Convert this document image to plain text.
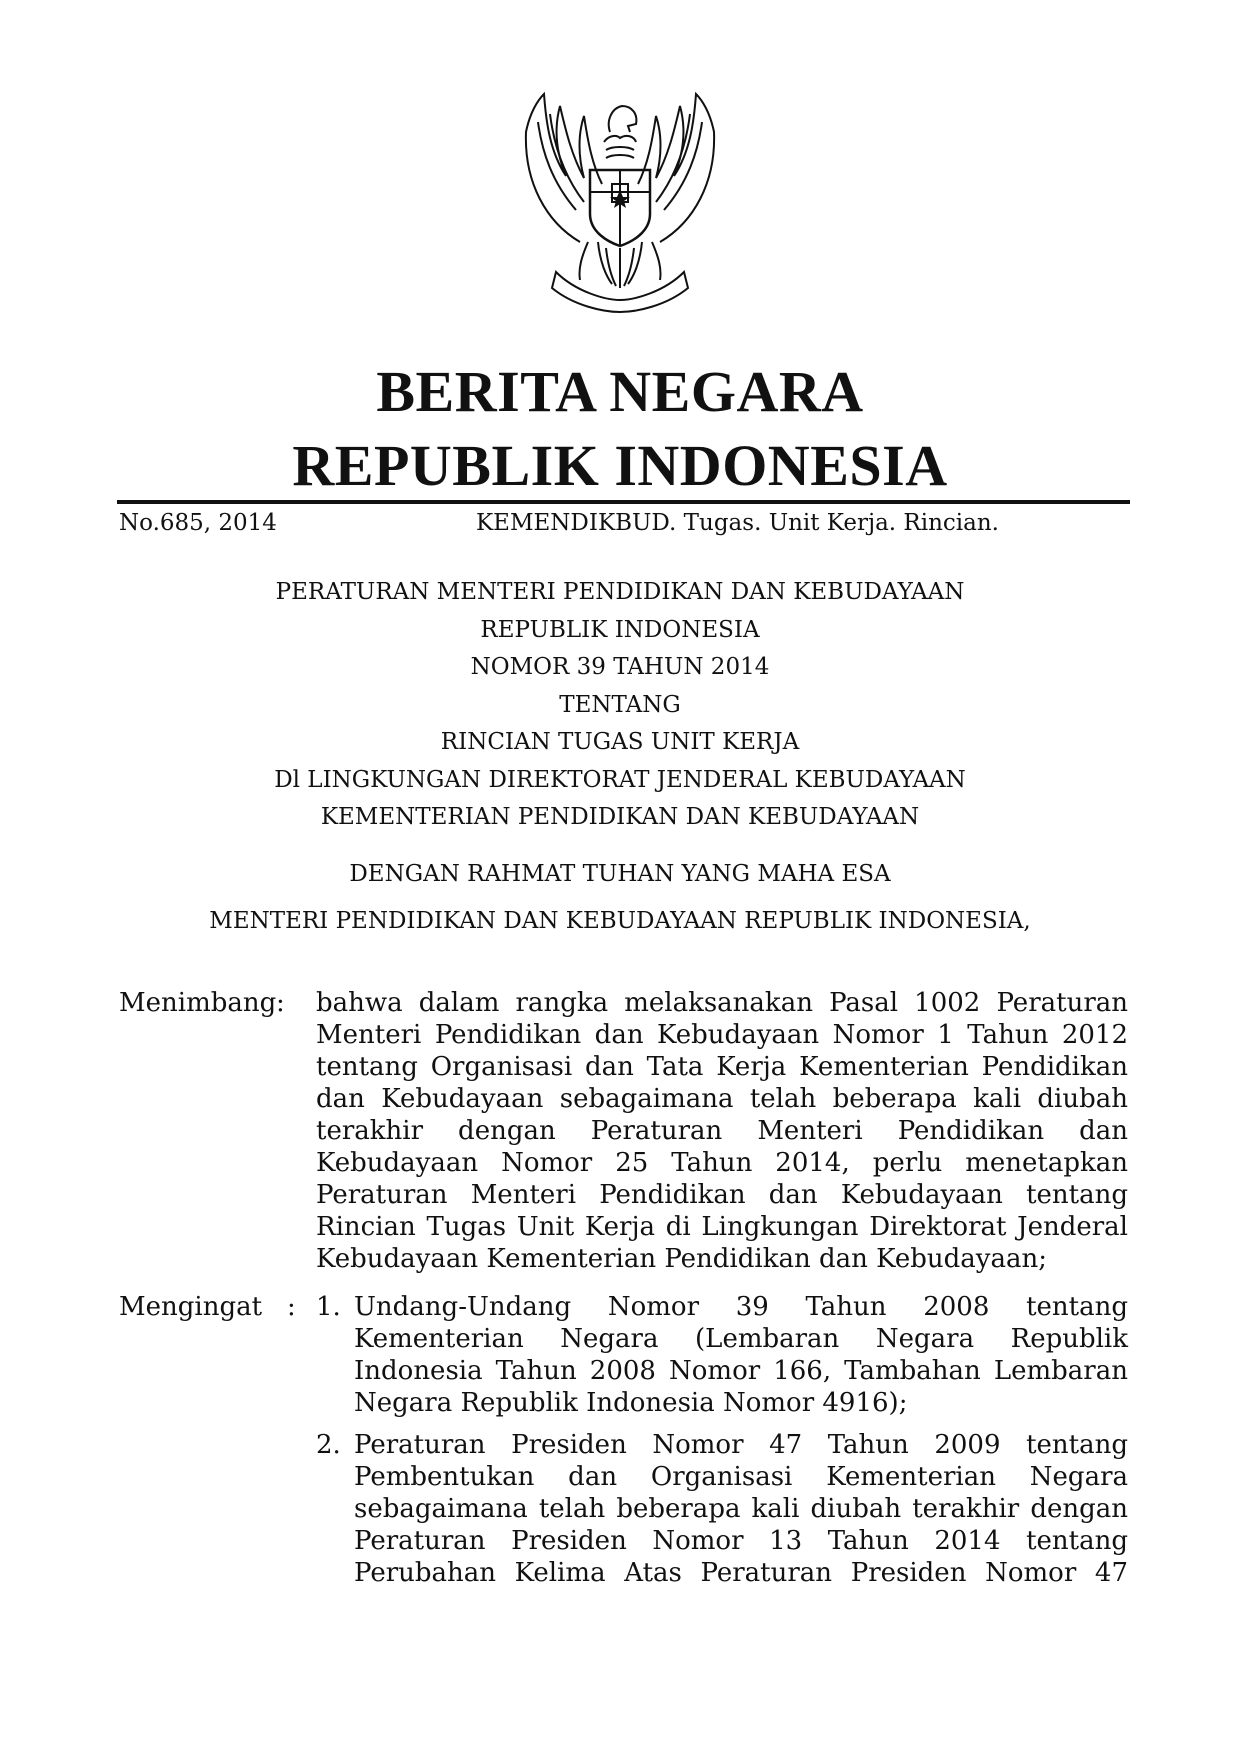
BERITA NEGARA
REPUBLIK INDONESIA
No.685, 2014	KEMENDIKBUD. Tugas. Unit Kerja. Rincian.
PERATURAN MENTERI PENDIDIKAN DAN KEBUDAYAAN
REPUBLIK INDONESIA
NOMOR 39 TAHUN 2014
TENTANG
RINCIAN TUGAS UNIT KERJA
Dl LINGKUNGAN DIREKTORAT JENDERAL KEBUDAYAAN
KEMENTERIAN PENDIDIKAN DAN KEBUDAYAAN
DENGAN RAHMAT TUHAN YANG MAHA ESA
MENTERI PENDIDIKAN DAN KEBUDAYAAN REPUBLIK INDONESIA,
Menimbang : bahwa dalam rangka melaksanakan Pasal 1002 Peraturan Menteri Pendidikan dan Kebudayaan Nomor 1 Tahun 2012 tentang Organisasi dan Tata Kerja Kementerian Pendidikan dan Kebudayaan sebagaimana telah beberapa kali diubah terakhir dengan Peraturan Menteri Pendidikan dan Kebudayaan Nomor 25 Tahun 2014, perlu menetapkan Peraturan Menteri Pendidikan dan Kebudayaan tentang Rincian Tugas Unit Kerja di Lingkungan Direktorat Jenderal Kebudayaan Kementerian Pendidikan dan Kebudayaan;
Mengingat : 1. Undang-Undang Nomor 39 Tahun 2008 tentang Kementerian Negara (Lembaran Negara Republik Indonesia Tahun 2008 Nomor 166, Tambahan Lembaran Negara Republik Indonesia Nomor 4916);
2. Peraturan Presiden Nomor 47 Tahun 2009 tentang Pembentukan dan Organisasi Kementerian Negara sebagaimana telah beberapa kali diubah terakhir dengan Peraturan Presiden Nomor 13 Tahun 2014 tentang Perubahan Kelima Atas Peraturan Presiden Nomor 47
